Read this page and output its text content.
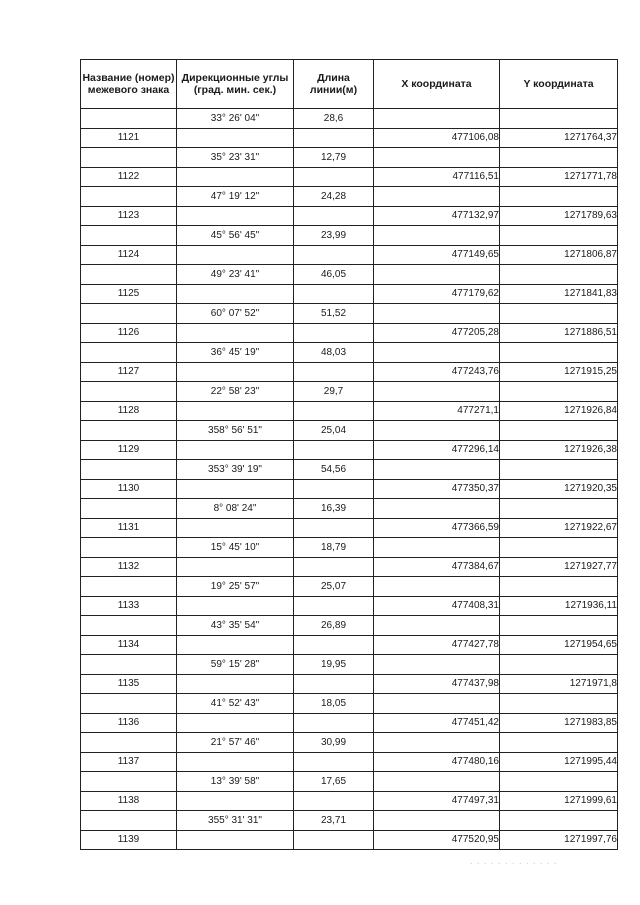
Название (номер) межевого знака	Дирекционные углы (град. мин. сек.)	Длина линии(м)	X координата	Y координата
	33° 26' 04"	28,6		
1121			477106,08	1271764,37
	35° 23' 31"	12,79		
1122			477116,51	1271771,78
	47° 19' 12"	24,28		
1123			477132,97	1271789,63
	45° 56' 45"	23,99		
1124			477149,65	1271806,87
	49° 23' 41"	46,05		
1125			477179,62	1271841,83
	60° 07' 52"	51,52		
1126			477205,28	1271886,51
	36° 45' 19"	48,03		
1127			477243,76	1271915,25
	22° 58' 23"	29,7		
1128			477271,1	1271926,84
	358° 56' 51"	25,04		
1129			477296,14	1271926,38
	353° 39' 19"	54,56		
1130			477350,37	1271920,35
	8° 08' 24"	16,39		
1131			477366,59	1271922,67
	15° 45' 10"	18,79		
1132			477384,67	1271927,77
	19° 25' 57"	25,07		
1133			477408,31	1271936,11
	43° 35' 54"	26,89		
1134			477427,78	1271954,65
	59° 15' 28"	19,95		
1135			477437,98	1271971,8
	41° 52' 43"	18,05		
1136			477451,42	1271983,85
	21° 57' 46"	30,99		
1137			477480,16	1271995,44
	13° 39' 58"	17,65		
1138			477497,31	1271999,61
	355° 31' 31"	23,71		
1139			477520,95	1271997,76
. . . . . . . . . . . . .
